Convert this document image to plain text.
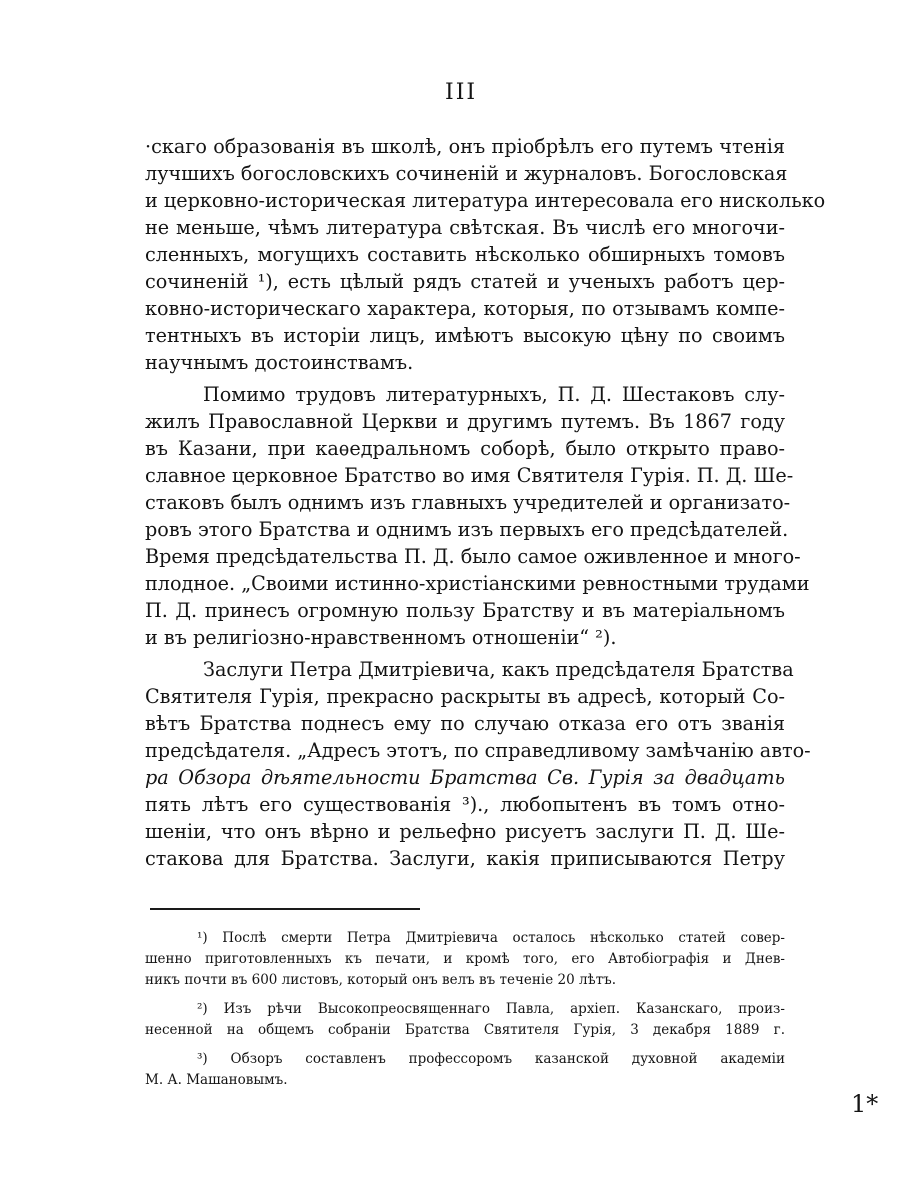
III
·скаго образованія въ школѣ, онъ пріобрѣлъ его путемъ чтенія
лучшихъ богословскихъ сочиненій и журналовъ. Богословская
и церковно-историческая литература интересовала его нисколько
не меньше, чѣмъ литература свѣтская. Въ числѣ его многочи-
сленныхъ, могущихъ составить нѣсколько обширныхъ томовъ
сочиненій ¹), есть цѣлый рядъ статей и ученыхъ работъ цер-
ковно-историческаго характера, которыя, по отзывамъ компе-
тентныхъ въ исторіи лицъ, имѣютъ высокую цѣну по своимъ
научнымъ достоинствамъ.
Помимо трудовъ литературныхъ, П. Д. Шестаковъ слу-
жилъ Православной Церкви и другимъ путемъ. Въ 1867 году
въ Казани, при каѳедральномъ соборѣ, было открыто право-
славное церковное Братство во имя Святителя Гурія. П. Д. Ше-
стаковъ былъ однимъ изъ главныхъ учредителей и организато-
ровъ этого Братства и однимъ изъ первыхъ его предсѣдателей.
Время предсѣдательства П. Д. было самое оживленное и много-
плодное. „Своими истинно-христіанскими ревностными трудами
П. Д. принесъ огромную пользу Братству и въ матеріальномъ
и въ религіозно-нравственномъ отношеніи“ ²).
Заслуги Петра Дмитріевича, какъ предсѣдателя Братства
Святителя Гурія, прекрасно раскрыты въ адресѣ, который Со-
вѣтъ Братства поднесъ ему по случаю отказа его отъ званія
предсѣдателя. „Адресъ этотъ, по справедливому замѣчанію авто-
ра Обзора дѣятельности Братства Св. Гурія за двадцать
пять лѣтъ его существованія ³)., любопытенъ въ томъ отно-
шеніи, что онъ вѣрно и рельефно рисуетъ заслуги П. Д. Ше-
стакова для Братства. Заслуги, какія приписываются Петру
¹) Послѣ смерти Петра Дмитріевича осталось нѣсколько статей совер-
шенно приготовленныхъ къ печати, и кромѣ того, его Автобіографія и Днев-
никъ почти въ 600 листовъ, который онъ велъ въ теченіе 20 лѣтъ.
²) Изъ рѣчи Высокопреосвященнаго Павла, архіеп. Казанскаго, произ-
несенной на общемъ собраніи Братства Святителя Гурія, 3 декабря 1889 г.
³) Обзоръ составленъ профессоромъ казанской духовной академіи
М. А. Машановымъ.
1*
